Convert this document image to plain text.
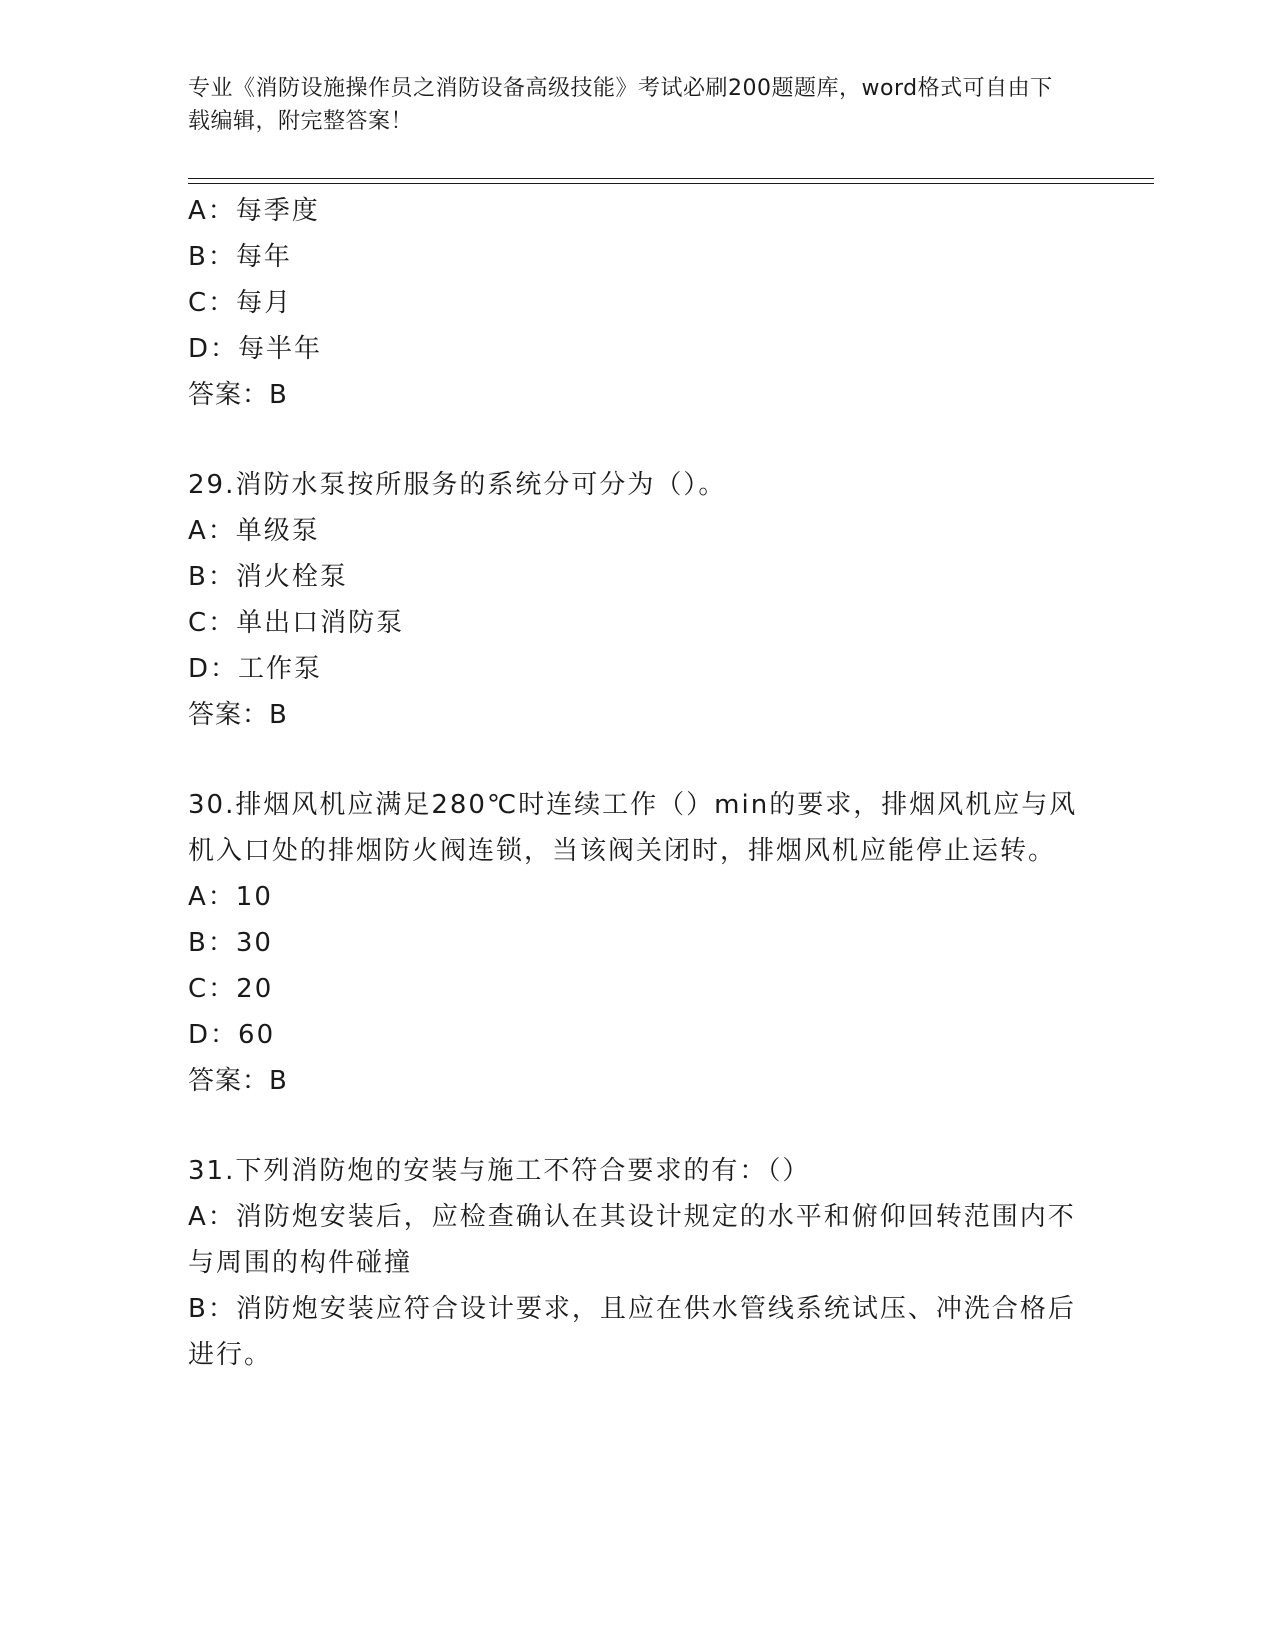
专业《消防设施操作员之消防设备高级技能》考试必刷200题题库，word格式可自由下载编辑，附完整答案！
A：每季度
B：每年
C：每月
D：每半年
答案：B
29.消防水泵按所服务的系统分可分为（）。
A：单级泵
B：消火栓泵
C：单出口消防泵
D：工作泵
答案：B
30.排烟风机应满足280℃时连续工作（）min的要求，排烟风机应与风机入口处的排烟防火阀连锁，当该阀关闭时，排烟风机应能停止运转。
A：10
B：30
C：20
D：60
答案：B
31.下列消防炮的安装与施工不符合要求的有：（）
A：消防炮安装后，应检查确认在其设计规定的水平和俯仰回转范围内不与周围的构件碰撞
B：消防炮安装应符合设计要求，且应在供水管线系统试压、冲洗合格后进行。
